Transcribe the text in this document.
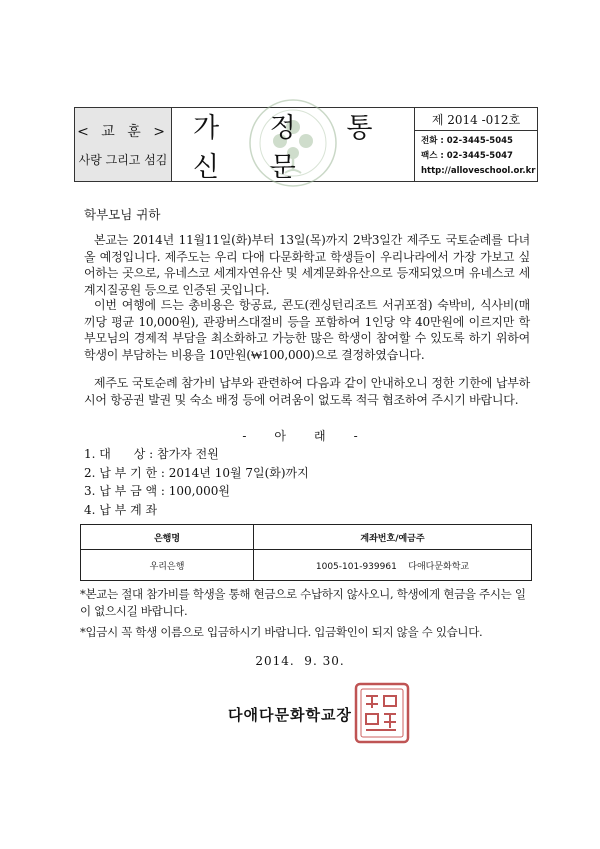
< 교 훈 >
사랑 그리고 섬김
가 정 통 신 문
제 2014 -012호
전화 : 02-3445-5045
팩스 : 02-3445-5047
http://alloveschool.or.kr
학부모님 귀하

본교는 2014년 11월11일(화)부터 13일(목)까지 2박3일간 제주도 국토순례를 다녀올 예정입니다. 제주도는 우리 다애 다문화학교 학생들이 우리나라에서 가장 가보고 싶어하는 곳으로, 유네스코 세계자연유산 및 세계문화유산으로 등재되었으며 유네스코 세계지질공원 등으로 인증된 곳입니다.

이번 여행에 드는 총비용은 항공료, 콘도(켄싱턴리조트 서귀포점) 숙박비, 식사비(매끼당 평균 10,000원), 관광버스대절비 등을 포함하여 1인당 약 40만원에 이르지만 학부모님의 경제적 부담을 최소화하고 가능한 많은 학생이 참여할 수 있도록 하기 위하여 학생이 부담하는 비용을 10만원(₩100,000)으로 결정하였습니다.

제주도 국토순례 참가비 납부와 관련하여 다음과 같이 안내하오니 정한 기한에 납부하시어 항공권 발권 및 숙소 배정 등에 어려움이 없도록 적극 협조하여 주시기 바랍니다.

- 아 래 -
1. 대      상 : 참가자 전원
2. 납 부 기 한 : 2014년 10월 7일(화)까지
3. 납 부 금 액 : 100,000원
4. 납 부 계 좌
은행명	계좌번호/예금주
우리은행	1005-101-939961    다애다문화학교

*본교는 절대 참가비를 학생을 통해 현금으로 수납하지 않사오니, 학생에게 현금을 주시는 일이 없으시길 바랍니다.

*입금시 꼭 학생 이름으로 입금하시기 바랍니다. 입금확인이 되지 않을 수 있습니다.

2014.  9. 30.
다애다문화학교장
